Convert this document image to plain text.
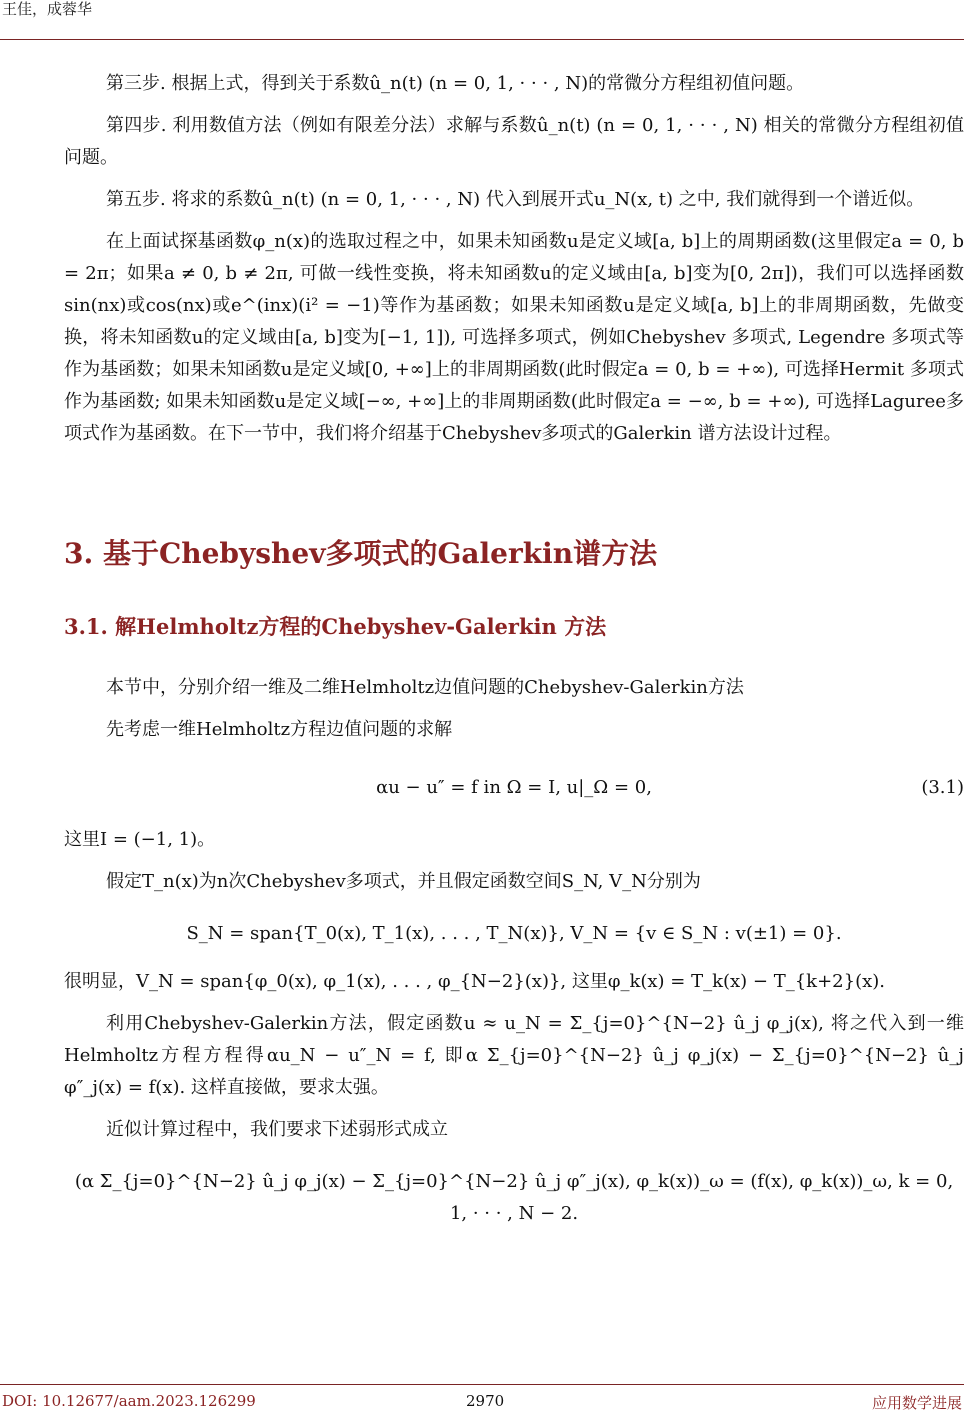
王佳，成蓉华

第三步. 根据上式，得到关于系数û_n(t) (n = 0, 1, · · · , N)的常微分方程组初值问题。

第四步. 利用数值方法（例如有限差分法）求解与系数û_n(t) (n = 0, 1, · · · , N) 相关的常微分方程组初值问题。

第五步. 将求的系数û_n(t) (n = 0, 1, · · · , N) 代入到展开式u_N(x, t) 之中, 我们就得到一个谱近似。

在上面试探基函数φ_n(x)的选取过程之中，如果未知函数u是定义域[a, b]上的周期函数(这里假定a = 0, b = 2π；如果a ≠ 0, b ≠ 2π, 可做一线性变换，将未知函数u的定义域由[a, b]变为[0, 2π])，我们可以选择函数sin(nx)或cos(nx)或e^(inx)(i² = −1)等作为基函数；如果未知函数u是定义域[a, b]上的非周期函数，先做变换，将未知函数u的定义域由[a, b]变为[−1, 1]), 可选择多项式，例如Chebyshev 多项式, Legendre 多项式等作为基函数；如果未知函数u是定义域[0, +∞]上的非周期函数(此时假定a = 0, b = +∞), 可选择Hermit 多项式作为基函数; 如果未知函数u是定义域[−∞, +∞]上的非周期函数(此时假定a = −∞, b = +∞), 可选择Laguree多项式作为基函数。在下一节中，我们将介绍基于Chebyshev多项式的Galerkin 谱方法设计过程。

3. 基于Chebyshev多项式的Galerkin谱方法
3.1. 解Helmholtz方程的Chebyshev-Galerkin 方法

本节中，分别介绍一维及二维Helmholtz边值问题的Chebyshev-Galerkin方法

先考虑一维Helmholtz方程边值问题的求解

αu − u″ = f in Ω = I, u|_Ω = 0,	(3.1)

这里I = (−1, 1)。

假定T_n(x)为n次Chebyshev多项式，并且假定函数空间S_N, V_N分别为

S_N = span{T_0(x), T_1(x), . . . , T_N(x)}, V_N = {v ∈ S_N : v(±1) = 0}.

很明显，V_N = span{φ_0(x), φ_1(x), . . . , φ_{N−2}(x)}, 这里φ_k(x) = T_k(x) − T_{k+2}(x).

利用Chebyshev-Galerkin方法，假定函数u ≈ u_N = Σ_{j=0}^{N−2} û_j φ_j(x), 将之代入到一维Helmholtz方程方程得αu_N − u″_N = f, 即α Σ_{j=0}^{N−2} û_j φ_j(x) − Σ_{j=0}^{N−2} û_j φ″_j(x) = f(x). 这样直接做，要求太强。

近似计算过程中，我们要求下述弱形式成立

(α Σ_{j=0}^{N−2} û_j φ_j(x) − Σ_{j=0}^{N−2} û_j φ″_j(x), φ_k(x))_ω = (f(x), φ_k(x))_ω, k = 0, 1, · · · , N − 2.
DOI: 10.12677/aam.2023.126299	2970	应用数学进展
